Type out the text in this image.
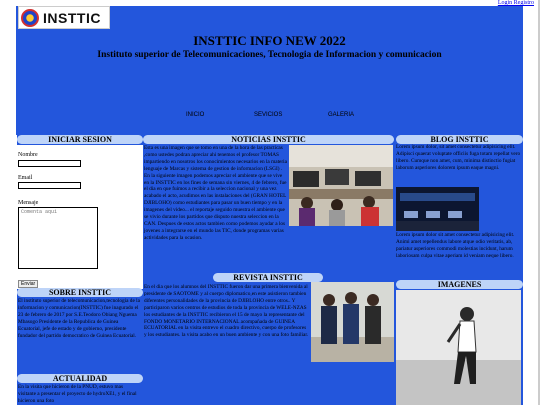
Login Registro
INSTTIC
INSTTIC INFO NEW 2022
Instituto superior de Telecomunicaciones, Tecnologia de Informacion y comunicacion
INICIO	SEVICIOS	GALERIA
INICIAR SESION
Nombre
Email
Mensaje
Comenta aqui
Enviar
SOBRE INSTTIC
El instituto superior de telecomunicacion,tecnologia de la informacion y comunicacion(INSTTIC) fue inagurado el 23 de febrero de 2017 por S.E.Teodoro Obiang Nguema Mbasogo Presidente de la Republica de Guinea Ecuatorial, jefe de estado y de gobierno, presidente fundador del partido democratico de Guinea Ecuatorial.
ACTUALIDAD
En la visita que hicieron de la PNUD, estuvo mas visitante a presentar el proyecto de hydroXE1, y el final hicieron una foto
NOTICIAS INSTTIC
Esta es una imagen que se tomo en una de la hora de las practicas ,como ustedes podran apreciar ahi tenemos el profesor TOMAS impartiendo en nosotros los conocimientos necesarios en la materia lenguaje de Marcas y sistema de gestion de informacion (LSGI) . En la siguiente imagen podemos apreciar el ambiente que se vive en la INSTTIC en los fines de semana sin viernes, 4 de febrero, fue el dia en que fuimos a recibir a la seleccion nacional y una vez acabado el acto, acudimos en las instalaciones del (GRAN HOTEL DJIBLOHO) como estudiantes para pasar un buen tiempo y en la imagenes del video... el reportaje seguido muestra el ambiente que se vivio durante los partidos que disputo nuestra seleccion en la CAN. Despues de estos actos tambien como podemos ayudar a los jovenes a integrarse en el mundo las TIC, donde programas varias actividades para la ocasion.
REVISTA INSTTIC
En el dia que los alumnos del INSTTIC fueron dar una primera bienvenida al presidente de SAOTOME y al cuerpo diplomatico,en este asistieron tambien diferentes personalidades de la provincia de DJIBLOHO entre otros.. Y participaron varios centros de estudios de toda la provincia de WELE-NZAS los estudiantes de la INSTTIC recibieron el 15 de mayo la representante del FONDO MONETARIO INTERNACIONAL acompañada de GUINEA ECUATORIAL en la visita entrevo el cuadro directivo, cuerpo de profesores y los estudiantes. la visita acabo en un buen ambiente y con una foto familiar.
BLOG INSTTIC
Lorem ipsum dolor, sit amet consectetur adipisicing elit. Adipisci quaerat voluptate officiis fuga totam repellat vero libero. Cumque non amet, cum, minima distinctio fugiat laborum asperiores dolorem ipsum eaque magni.
Lorem ipsum dolor sit amet consectetur adipisicing elit. Animi amet repellendus labore atque odio veritatis, ab, pariatur asperiores commodi molestias incidunt, harum laboriosam culpa vitae aperiam id veniam neque libero.
IMAGENES
